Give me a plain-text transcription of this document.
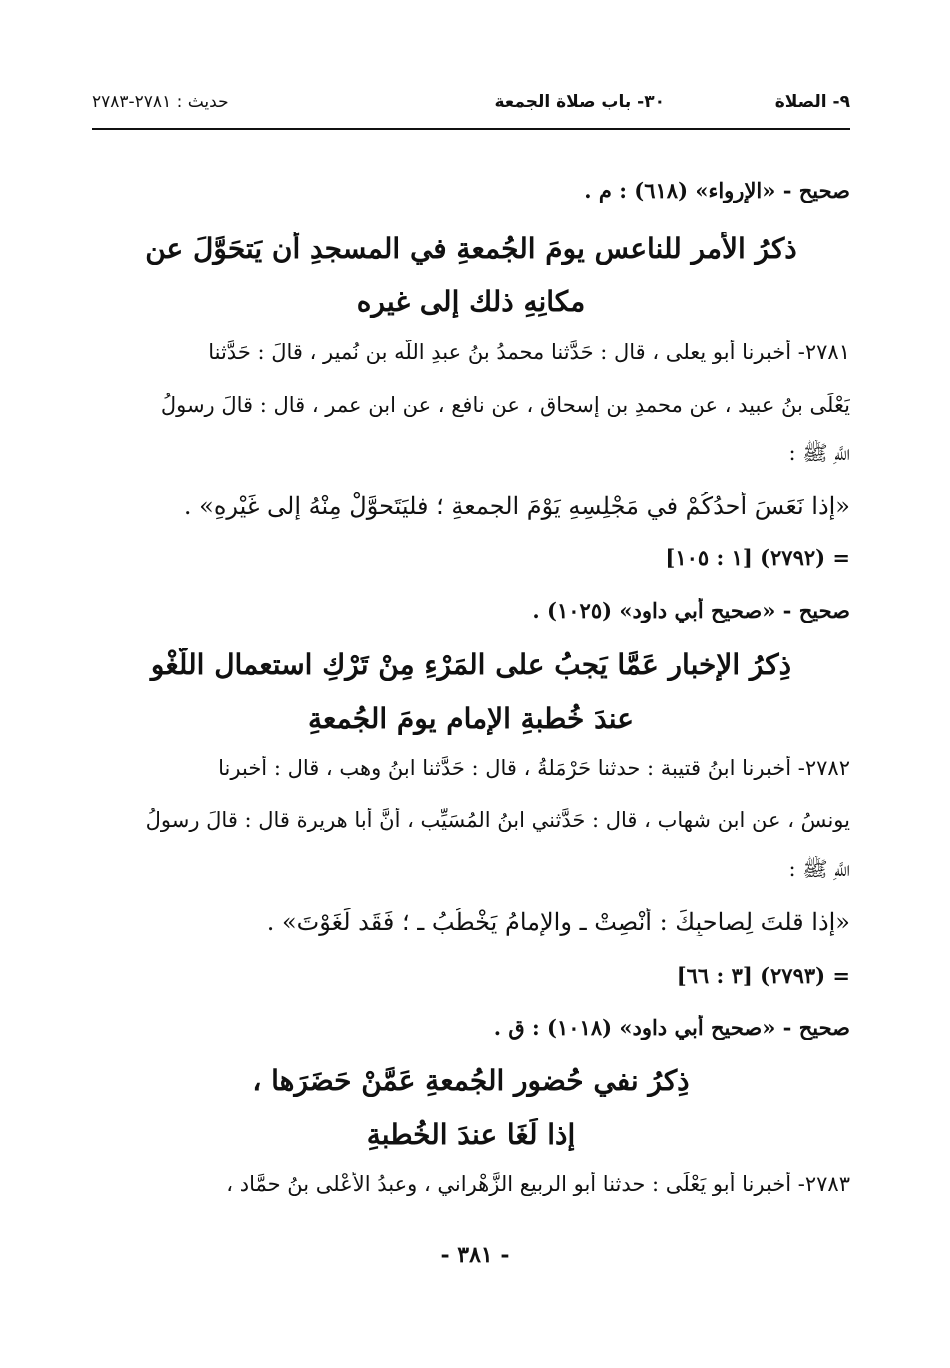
٩- الصلاة
٣٠- باب صلاة الجمعة
حديث : ٢٧٨١-٢٧٨٣
صحيح - «الإرواء» (٦١٨) : م .
ذكرُ الأمرِ للناعسِ يومَ الجُمعةِ في المسجدِ أن يَتحَوَّلَ عن
مكانِهِ ذلك إلى غيره
٢٧٨١- أخبرنا أبو يعلى ، قال : حَدَّثنا محمدُ بنُ عبدِ اللَّه بن نُمير ، قالَ : حَدَّثنا
يَعْلَى بنُ عبيد ، عن محمدِ بن إسحاق ، عن نافعٍ ، عن ابنِ عمر ، قال : قالَ رسولُ
اللَّهِ ﷺ :
«إذا نَعَسَ أحدُكُمْ في مَجْلِسِهِ يَوْمَ الجمعةِ ؛ فليَتَحوَّلْ مِنْهُ إلى غَيْرِهِ» .
= (٢٧٩٢) [١ : ١٠٥]
صحيح - «صحيح أبي داود» (١٠٢٥) .
ذِكرُ الإخبارِ عَمَّا يَجبُ على المَرْءِ مِنْ تَرْكِ استعمال اللَّغْوِ
عندَ خُطبةِ الإمامِ يومَ الجُمعةِ
٢٧٨٢- أخبرنا ابنُ قتيبة : حدثنا حَرْمَلةُ ، قال : حَدَّثنا ابنُ وهب ، قال : أخبرنا
يونسُ ، عن ابنِ شهاب ، قال : حَدَّثني ابنُ المُسَيِّب ، أنَّ أبا هريرة قال : قالَ رسولُ
اللَّهِ ﷺ :
«إذا قلتَ لِصاحبِكَ : أنْصِتْ ـ والإمامُ يَخْطُبُ ـ ؛ فَقَد لَغَوْتَ» .
= (٢٧٩٣) [٣ : ٦٦]
صحيح - «صحيح أبي داود» (١٠١٨) : ق .
ذِكرُ نفي حُضورِ الجُمعةِ عَمَّنْ حَضَرَها ،
إذا لَغَا عندَ الخُطبةِ
٢٧٨٣- أخبرنا أبو يَعْلَى : حدثنا أبو الربيعِ الزَّهْراني ، وعبدُ الأَعْلى بنُ حمَّاد ،
- ٣٨١ -
